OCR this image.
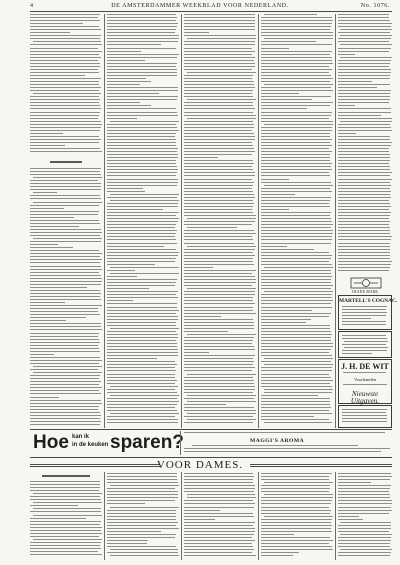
4	DE AMSTERDAMMER WEEKBLAD VOOR NEDERLAND.	No. 1076.
TRADE MARK
MARTELL'S COGNAC.
J. H. DE WIT
Voorhanden
Nieuwste Uitgaven.
Hoe kan ik
in de keuken sparen?	MAGGI'S AROMA
VOOR DAMES.
